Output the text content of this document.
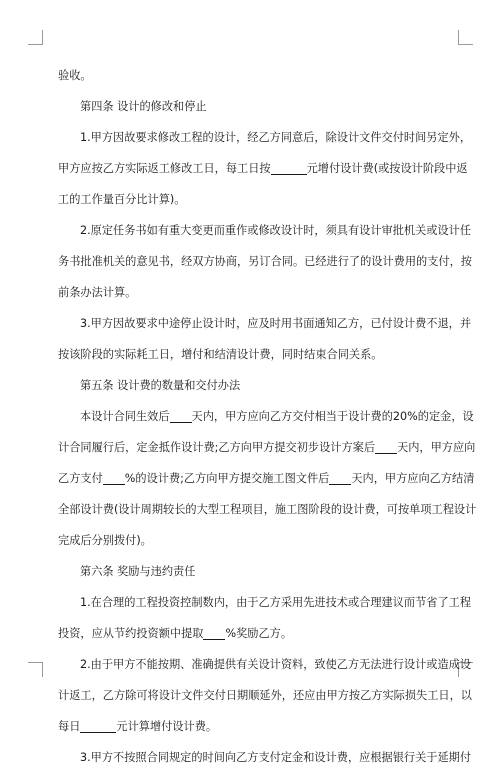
验收。
第四条 设计的修改和停止
1.甲方因故要求修改工程的设计，经乙方同意后，除设计文件交付时间另定外，
甲方应按乙方实际返工修改工日，每工日按	元增付设计费(或按设计阶段中返
工的工作量百分比计算)。
2.原定任务书如有重大变更而重作或修改设计时，须具有设计审批机关或设计任
务书批准机关的意见书，经双方协商，另订合同。已经进行了的设计费用的支付，按
前条办法计算。
3.甲方因故要求中途停止设计时，应及时用书面通知乙方，已付设计费不退，并
按该阶段的实际耗工日，增付和结清设计费，同时结束合同关系。
第五条 设计费的数量和交付办法
本设计合同生效后 天内，甲方应向乙方交付相当于设计费的20%的定金，设
计合同履行后，定金抵作设计费;乙方向甲方提交初步设计方案后 天内，甲方应向
乙方支付 %的设计费;乙方向甲方提交施工图文件后 天内，甲方应向乙方结清
全部设计费(设计周期较长的大型工程项目，施工图阶段的设计费，可按单项工程设计
完成后分别拨付)。
第六条 奖励与违约责任
1.在合理的工程投资控制数内，由于乙方采用先进技术或合理建议而节省了工程
投资，应从节约投资额中提取 %奖励乙方。
2.由于甲方不能按期、准确提供有关设计资料，致使乙方无法进行设计或造成设
计返工，乙方除可将设计文件交付日期顺延外，还应由甲方按乙方实际损失工日，以
每日	元计算增付设计费。
3.甲方不按照合同规定的时间向乙方支付定金和设计费，应根据银行关于延期付
